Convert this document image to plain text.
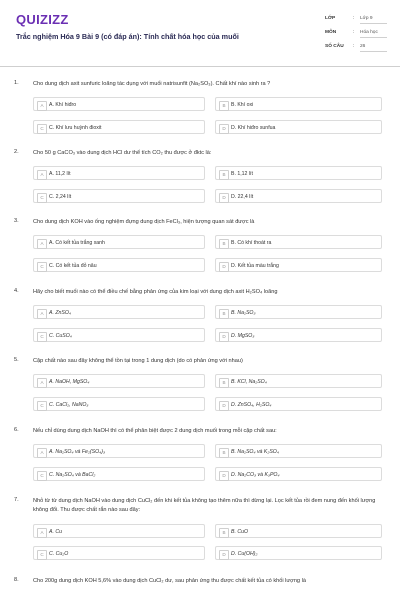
QUIZIZZ
Trắc nghiệm Hóa 9 Bài 9 (có đáp án): Tính chất hóa học của muối
LỚP	: Lớp 9
MÔN	: Hóa học
SỐ CÂU : 26
1.	Cho dung dịch axit sunfuric loãng tác dụng với muối natrisunfit (Na₂SO₃). Chất khí nào sinh ra ?
A	A. Khí hiđro	B	B. Khí oxi
C	C. Khí lưu huỳnh đioxit	D	D. Khí hiđro sunfua
2.	Cho 50 g CaCO₃ vào dung dịch HCl dư thể tích CO₂ thu được ở đktc là:
A	A. 11,2 lít	B	B. 1,12 lít
C	C. 2,24 lít	D	D. 22,4 lít
3.	Cho dung dịch KOH vào ống nghiệm đựng dung dịch FeCl₃, hiện tượng quan sát được là
A	A. Có kết tủa trắng xanh	B	B. Có khí thoát ra
C	C. Có kết tủa đỏ nâu	D	D. Kết tủa màu trắng
4.	Hãy cho biết muối nào có thể điều chế bằng phản ứng của kim loại với dung dịch axit H₂SO₄ loãng
A	A. ZnSO₄	B	B. Na₂SO₃
C	C. CuSO₄	D	D. MgSO₃
5.	Cặp chất nào sau đây không thể tồn tại trong 1 dung dịch (do có phản ứng với nhau)
A	A. NaOH, MgSO₄	B	B. KCl, Na₂SO₄
C	C. CaCl₂, NaNO₃	D	D. ZnSO₄, H₂SO₄
6.	Nếu chỉ dùng dung dịch NaOH thì có thể phân biệt được 2 dung dịch muối trong mỗi cặp chất sau:
A	A. Na₂SO₄ và Fe₂(SO₄)₃	B	B. Na₂SO₄ và K₂SO₄
C	C. Na₂SO₄ và BaCl₂	D	D. Na₂CO₃ và K₃PO₄
7.	Nhỏ từ từ dung dịch NaOH vào dung dịch CuCl₂ đến khi kết tủa không tạo thêm nữa thì dừng lại. Lọc kết tủa rồi đem nung đến khối lượng không đổi. Thu được chất rắn nào sau đây:
A	A. Cu	B	B. CuO
C	C. Cu₂O	D	D. Cu(OH)₂
8.	Cho 200g dung dịch KOH 5,6% vào dung dịch CuCl₂ dư, sau phản ứng thu được chất kết tủa có khối lượng là
